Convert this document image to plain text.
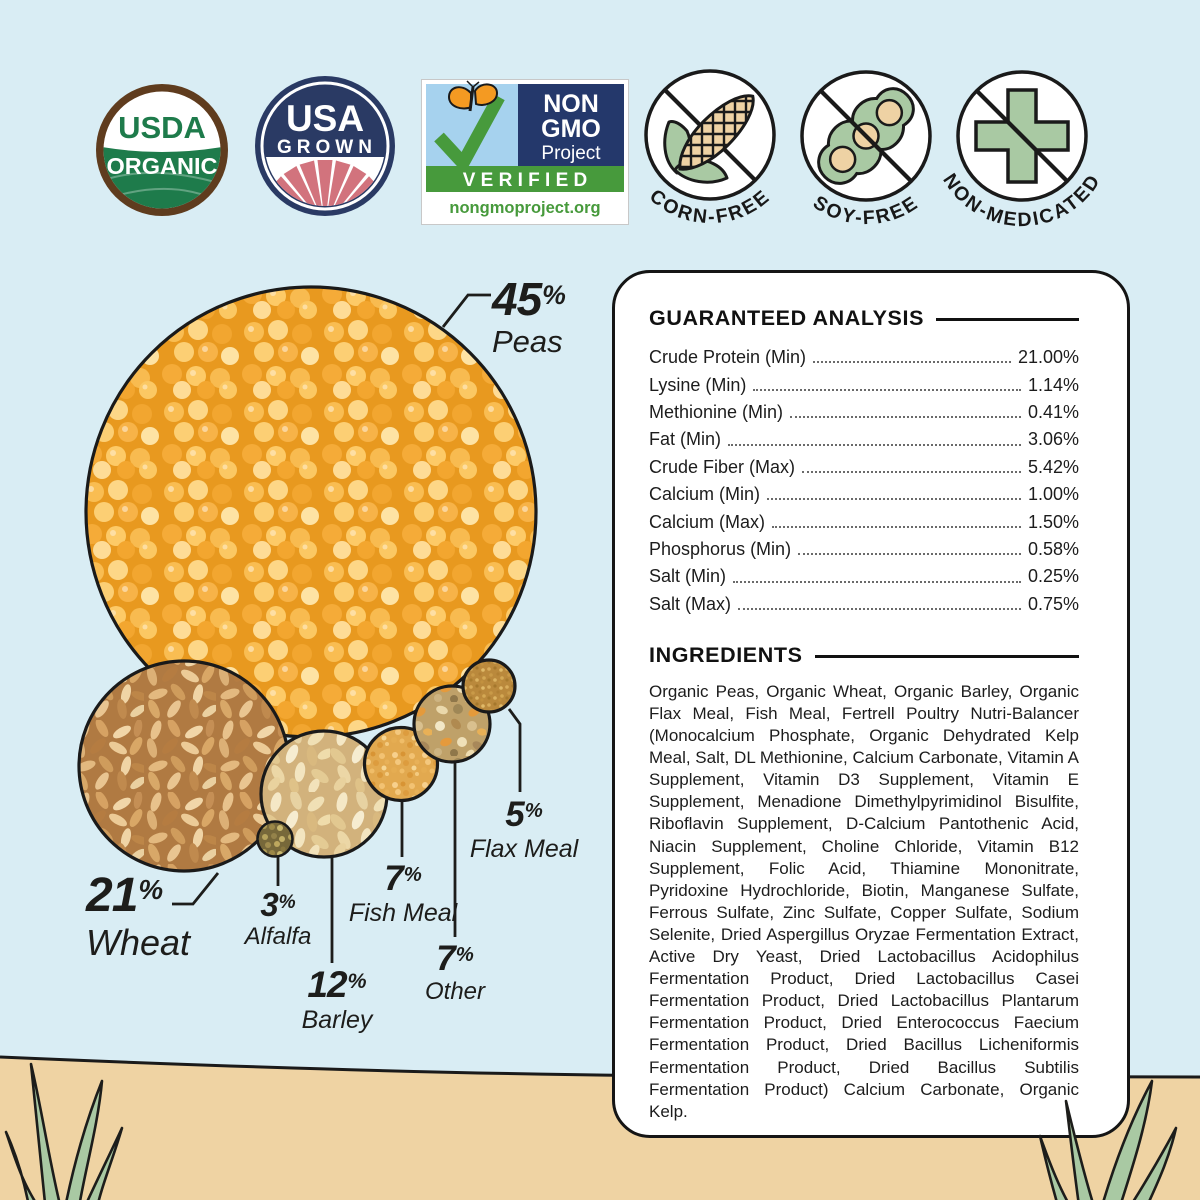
45%
Peas
21%
Wheat
3%
Alfalfa
12%
Barley
7%
Fish Meal
7%
Other
5%
Flax Meal
USDA
ORGANIC
USA
GROWN
NON
GMO
Project
V E R I F I E D
nongmoproject.org CORN-FREE SOY-FREE
NON-MEDICATED
GUARANTEED ANALYSIS
Crude Protein (Min)	21.00%
Lysine (Min)	1.14%
Methionine (Min)	0.41%
Fat (Min)	3.06%
Crude Fiber (Max)	5.42%
Calcium (Min)	1.00%
Calcium (Max)	1.50%
Phosphorus (Min)	0.58%
Salt (Min)	0.25%
Salt (Max)	0.75%
INGREDIENTS

Organic Peas, Organic Wheat, Organic Barley, Organic Flax Meal, Fish Meal, Fertrell Poultry Nutri-Balancer (Monocalcium Phosphate, Organic Dehydrated Kelp Meal, Salt, DL Methionine, Calcium Carbonate, Vitamin A Supplement, Vitamin D3 Supplement, Vitamin E Supplement, Menadione Dimethylpyrimidinol Bisulfite, Riboflavin Supplement, D-Calcium Pantothenic Acid, Niacin Supplement, Choline Chloride, Vitamin B12 Supplement, Folic Acid, Thiamine Mononitrate, Pyridoxine Hydrochloride, Biotin, Manganese Sulfate, Ferrous Sulfate, Zinc Sulfate, Copper Sulfate, Sodium Selenite, Dried Aspergillus Oryzae Fermentation Extract, Active Dry Yeast, Dried Lactobacillus Acidophilus Fermentation Product, Dried Lactobacillus Casei Fermentation Product, Dried Lactobacillus Plantarum Fermentation Product, Dried Enterococcus Faecium Fermentation Product, Dried Bacillus Licheniformis Fermentation Product, Dried Bacillus Subtilis Fermentation Product) Calcium Carbonate, Organic Kelp.
